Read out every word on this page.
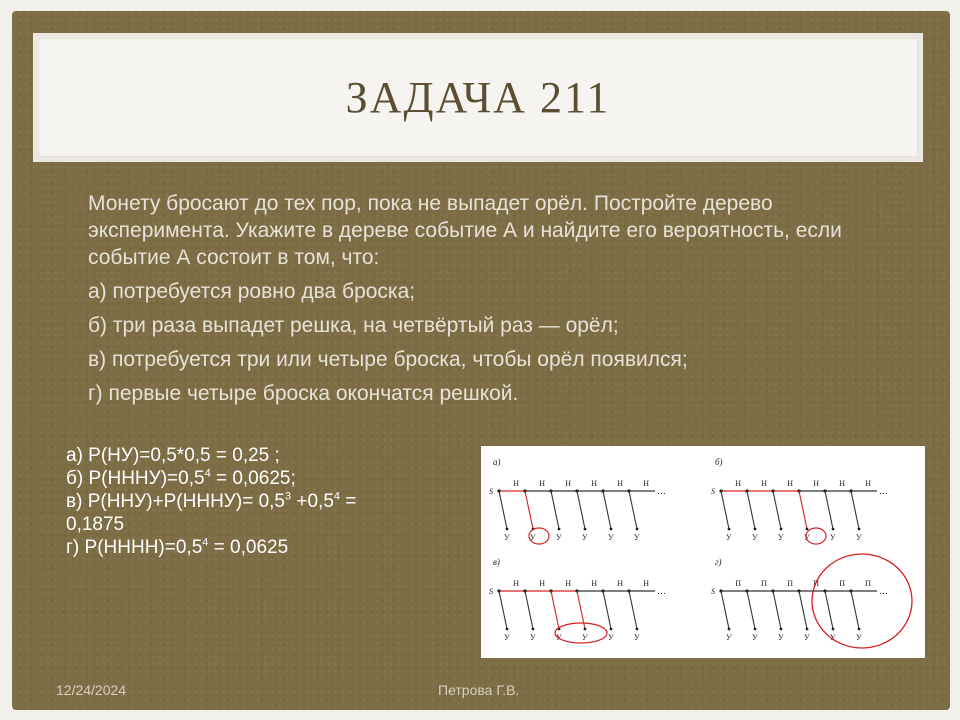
ЗАДАЧА 211
Монету бросают до тех пор, пока не выпадет орёл. Постройте дерево эксперимента. Укажите в дереве событие А и найдите его вероятность, если событие А состоит в том, что:
а) потребуется ровно два броска;
б) три раза выпадет решка, на четвёртый раз — орёл;
в) потребуется три или четыре броска, чтобы орёл появился;
г) первые четыре броска окончатся решкой.
а) Р(НУ)=0,5*0,5 = 0,25 ;
б) $Р(НННУ)=0,5^4 = 0,0625$;
в) Р(ННУ)+Р(НННУ)= $0,5^3 +0,5^4$ =
0,1875
г) $Р(НННН)=0,5^4 = 0,0625$
а)
S
Н
У
Н
У
Н
У
Н
У
Н
У
Н
У
…
б)
S
Н
У
Н
У
Н
У
Н
У
Н
У
Н
У
…
в)
S
Н
У
Н
У
Н
У
Н
У
Н
У
Н
У
…
г)
S
П
У
П
У
П
У
П
У
П
У
П
У
…
12/24/2024	Петрова Г.В.
